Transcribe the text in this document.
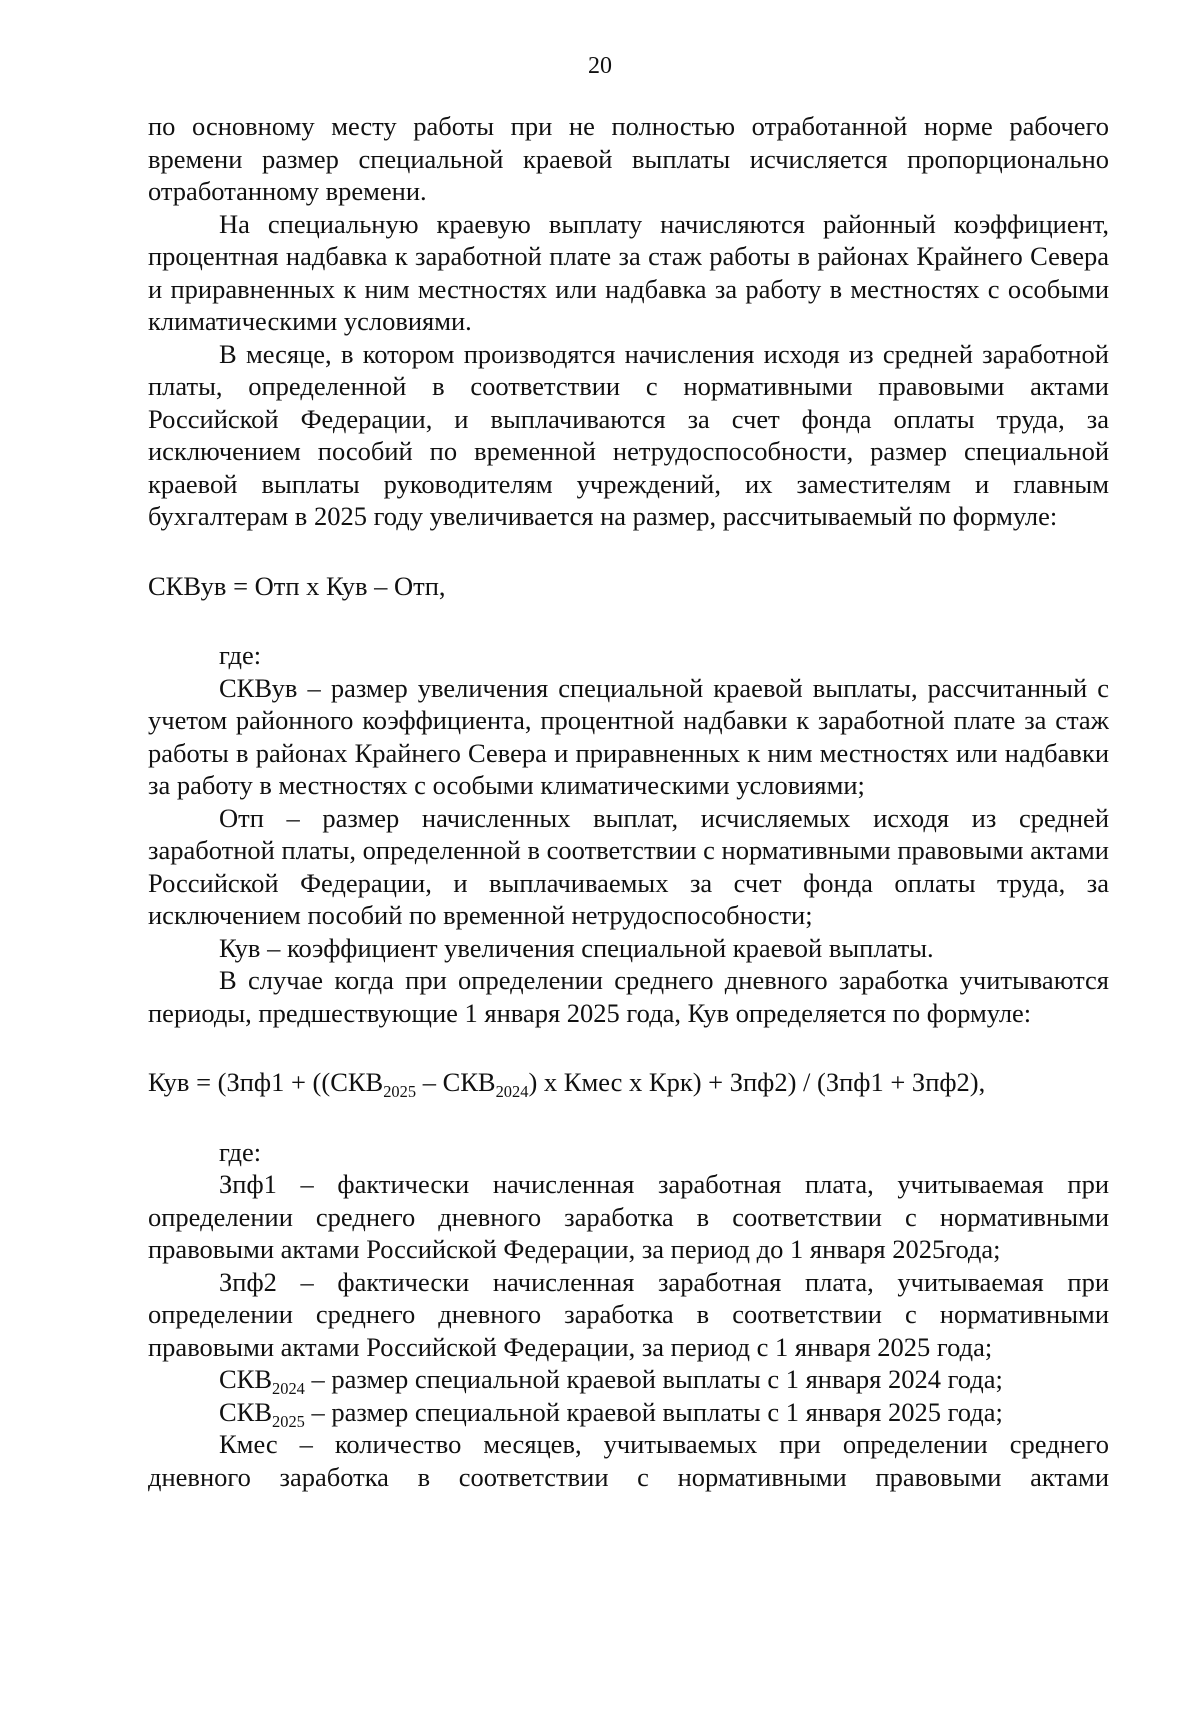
20

по основному месту работы при не полностью отработанной норме рабочего времени размер специальной краевой выплаты исчисляется пропорционально отработанному времени.

На специальную краевую выплату начисляются районный коэффициент, процентная надбавка к заработной плате за стаж работы в районах Крайнего Севера и приравненных к ним местностях или надбавка за работу в местностях с особыми климатическими условиями.

В месяце, в котором производятся начисления исходя из средней заработной платы, определенной в соответствии с нормативными правовыми актами Российской Федерации, и выплачиваются за счет фонда оплаты труда, за исключением пособий по временной нетрудоспособности, размер специальной краевой выплаты руководителям учреждений, их заместителям и главным бухгалтерам в 2025 году увеличивается на размер, рассчитываемый по формуле:

СКВув = Отп х Кув – Отп,

где:

СКВув – размер увеличения специальной краевой выплаты, рассчитанный с учетом районного коэффициента, процентной надбавки к заработной плате за стаж работы в районах Крайнего Севера и приравненных к ним местностях или надбавки за работу в местностях с особыми климатическими условиями;

Отп – размер начисленных выплат, исчисляемых исходя из средней заработной платы, определенной в соответствии с нормативными правовыми актами Российской Федерации, и выплачиваемых за счет фонда оплаты труда, за исключением пособий по временной нетрудоспособности;

Кув – коэффициент увеличения специальной краевой выплаты.

В случае когда при определении среднего дневного заработка учитываются периоды, предшествующие 1 января 2025 года, Кув определяется по формуле:

Кув = ($Зпф1 + ((СКВ_{2025} - СКВ_{2024})$ х Кмес х Крк) + Зпф2) / (Зпф1 + Зпф2),

где:

Зпф1 – фактически начисленная заработная плата, учитываемая при определении среднего дневного заработка в соответствии с нормативными правовыми актами Российской Федерации, за период до 1 января 2025года;

Зпф2 – фактически начисленная заработная плата, учитываемая при определении среднего дневного заработка в соответствии с нормативными правовыми актами Российской Федерации, за период с 1 января 2025 года;

$СКВ_{2024}$ – размер специальной краевой выплаты с 1 января 2024 года;

$СКВ_{2025}$ – размер специальной краевой выплаты с 1 января 2025 года;

Кмес – количество месяцев, учитываемых при определении среднего дневного заработка в соответствии с нормативными правовыми актами
